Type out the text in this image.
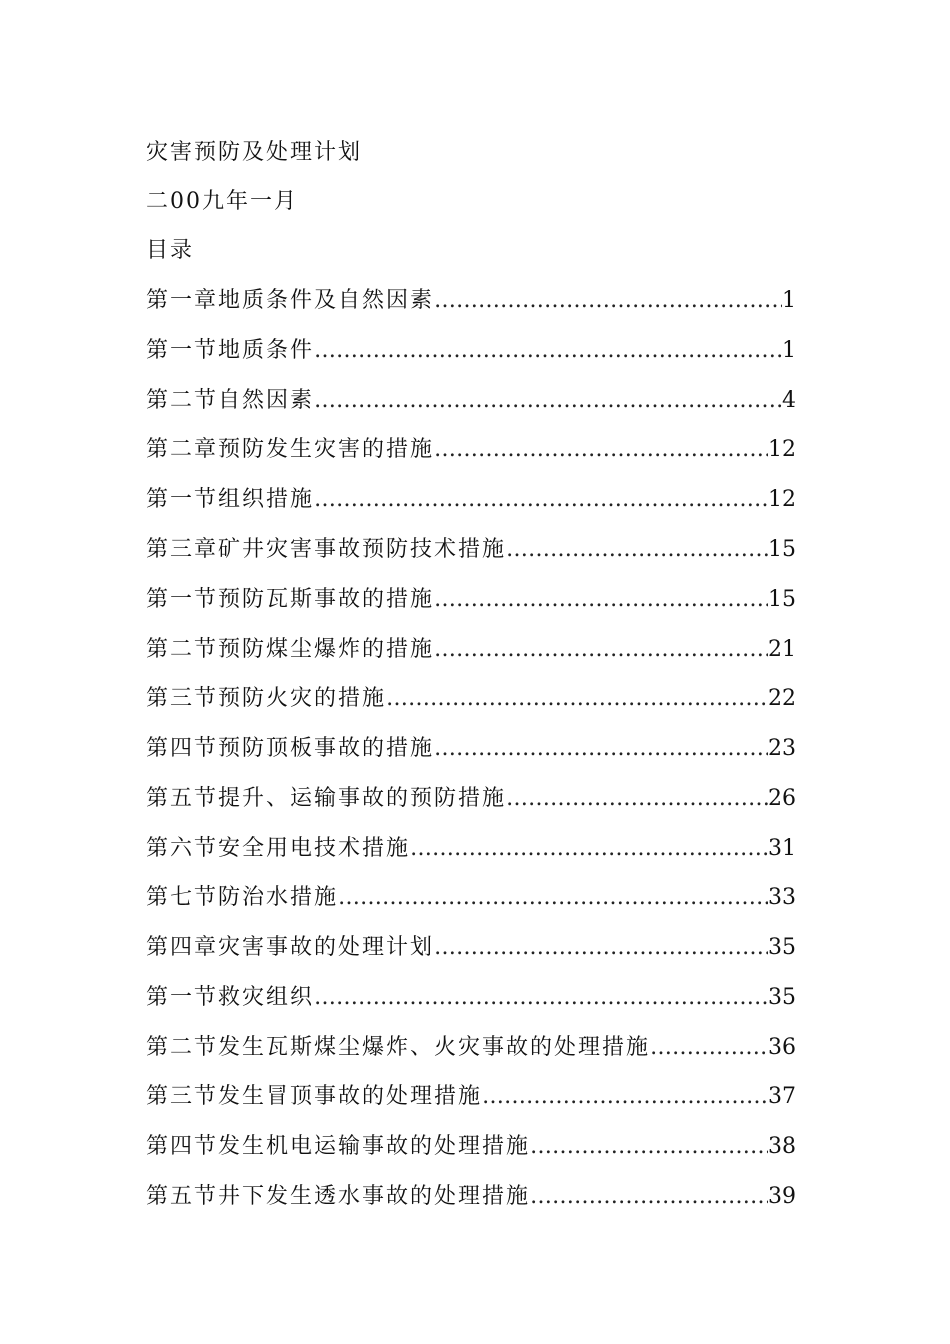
灾害预防及处理计划
二00九年一月
目录
第一章地质条件及自然因素 …………………………………………………………………………………………………………	1
第一节地质条件 …………………………………………………………………………………………………………	1
第二节自然因素 …………………………………………………………………………………………………………	4
第二章预防发生灾害的措施 …………………………………………………………………………………………………………	12
第一节组织措施 …………………………………………………………………………………………………………	12
第三章矿井灾害事故预防技术措施 …………………………………………………………………………………………………………	15
第一节预防瓦斯事故的措施 …………………………………………………………………………………………………………	15
第二节预防煤尘爆炸的措施 …………………………………………………………………………………………………………	21
第三节预防火灾的措施 …………………………………………………………………………………………………………	22
第四节预防顶板事故的措施 …………………………………………………………………………………………………………	23
第五节提升、运输事故的预防措施 …………………………………………………………………………………………………………	26
第六节安全用电技术措施 …………………………………………………………………………………………………………	31
第七节防治水措施 …………………………………………………………………………………………………………	33
第四章灾害事故的处理计划 …………………………………………………………………………………………………………	35
第一节救灾组织 …………………………………………………………………………………………………………	35
第二节发生瓦斯煤尘爆炸、火灾事故的处理措施 …………………………………………………………………………………………………………	36
第三节发生冒顶事故的处理措施 …………………………………………………………………………………………………………	37
第四节发生机电运输事故的处理措施 …………………………………………………………………………………………………………	38
第五节井下发生透水事故的处理措施 …………………………………………………………………………………………………………	39
